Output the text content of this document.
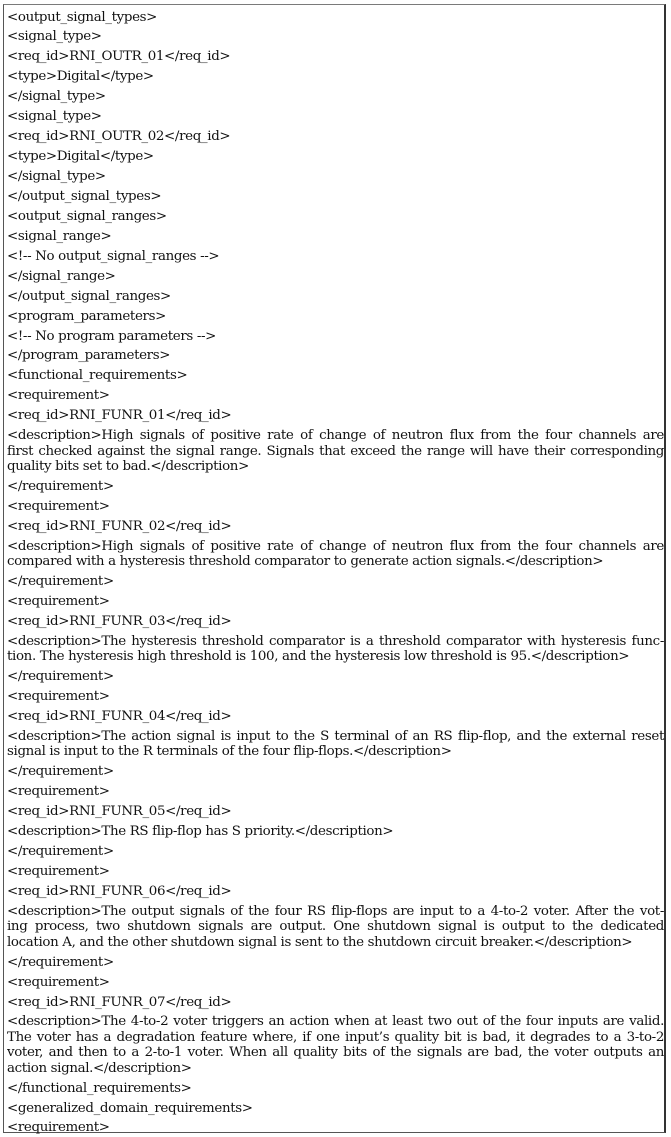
<output_signal_types>
<signal_type>
<req_id>RNI_OUTR_01</req_id>
<type>Digital</type>
</signal_type>
<signal_type>
<req_id>RNI_OUTR_02</req_id>
<type>Digital</type>
</signal_type>
</output_signal_types>
<output_signal_ranges>
<signal_range>
<!-- No output_signal_ranges -->
</signal_range>
</output_signal_ranges>
<program_parameters>
<!-- No program parameters -->
</program_parameters>
<functional_requirements>
<requirement>
<req_id>RNI_FUNR_01</req_id>
<description>High signals of positive rate of change of neutron flux from the four channels are
first checked against the signal range. Signals that exceed the range will have their corresponding
quality bits set to bad.</description>
</requirement>
<requirement>
<req_id>RNI_FUNR_02</req_id>
<description>High signals of positive rate of change of neutron flux from the four channels are
compared with a hysteresis threshold comparator to generate action signals.</description>
</requirement>
<requirement>
<req_id>RNI_FUNR_03</req_id>
<description>The hysteresis threshold comparator is a threshold comparator with hysteresis func-
tion. The hysteresis high threshold is 100, and the hysteresis low threshold is 95.</description>
</requirement>
<requirement>
<req_id>RNI_FUNR_04</req_id>
<description>The action signal is input to the S terminal of an RS flip-flop, and the external reset
signal is input to the R terminals of the four flip-flops.</description>
</requirement>
<requirement>
<req_id>RNI_FUNR_05</req_id>
<description>The RS flip-flop has S priority.</description>
</requirement>
<requirement>
<req_id>RNI_FUNR_06</req_id>
<description>The output signals of the four RS flip-flops are input to a 4-to-2 voter. After the vot-
ing process, two shutdown signals are output. One shutdown signal is output to the dedicated
location A, and the other shutdown signal is sent to the shutdown circuit breaker.</description>
</requirement>
<requirement>
<req_id>RNI_FUNR_07</req_id>
<description>The 4-to-2 voter triggers an action when at least two out of the four inputs are valid.
The voter has a degradation feature where, if one input’s quality bit is bad, it degrades to a 3-to-2
voter, and then to a 2-to-1 voter. When all quality bits of the signals are bad, the voter outputs an
action signal.</description>
</functional_requirements>
<generalized_domain_requirements>
<requirement>
